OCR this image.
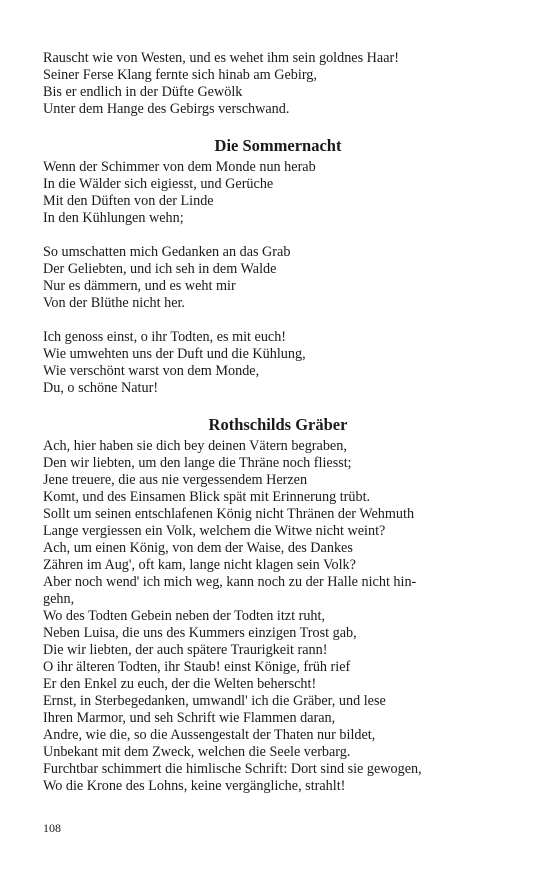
Rauscht wie von Westen, und es wehet ihm sein goldnes Haar!
Seiner Ferse Klang fernte sich hinab am Gebirg,
Bis er endlich in der Düfte Gewölk
Unter dem Hange des Gebirgs verschwand.
Die Sommernacht
Wenn der Schimmer von dem Monde nun herab
In die Wälder sich eigiesst, und Gerüche
Mit den Düften von der Linde
In den Kühlungen wehn;
So umschatten mich Gedanken an das Grab
Der Geliebten, und ich seh in dem Walde
Nur es dämmern, und es weht mir
Von der Blüthe nicht her.
Ich genoss einst, o ihr Todten, es mit euch!
Wie umwehten uns der Duft und die Kühlung,
Wie verschönt warst von dem Monde,
Du, o schöne Natur!
Rothschilds Gräber
Ach, hier haben sie dich bey deinen Vätern begraben,
Den wir liebten, um den lange die Thräne noch fliesst;
Jene treuere, die aus nie vergessendem Herzen
Komt, und des Einsamen Blick spät mit Erinnerung trübt.
Sollt um seinen entschlafenen König nicht Thränen der Wehmuth
Lange vergiessen ein Volk, welchem die Witwe nicht weint?
Ach, um einen König, von dem der Waise, des Dankes
Zähren im Aug', oft kam, lange nicht klagen sein Volk?
Aber noch wend' ich mich weg, kann noch zu der Halle nicht hin-
gehn,
Wo des Todten Gebein neben der Todten itzt ruht,
Neben Luisa, die uns des Kummers einzigen Trost gab,
Die wir liebten, der auch spätere Traurigkeit rann!
O ihr älteren Todten, ihr Staub! einst Könige, früh rief
Er den Enkel zu euch, der die Welten beherscht!
Ernst, in Sterbegedanken, umwandl' ich die Gräber, und lese
Ihren Marmor, und seh Schrift wie Flammen daran,
Andre, wie die, so die Aussengestalt der Thaten nur bildet,
Unbekant mit dem Zweck, welchen die Seele verbarg.
Furchtbar schimmert die himlische Schrift: Dort sind sie gewogen,
Wo die Krone des Lohns, keine vergängliche, strahlt!
108
